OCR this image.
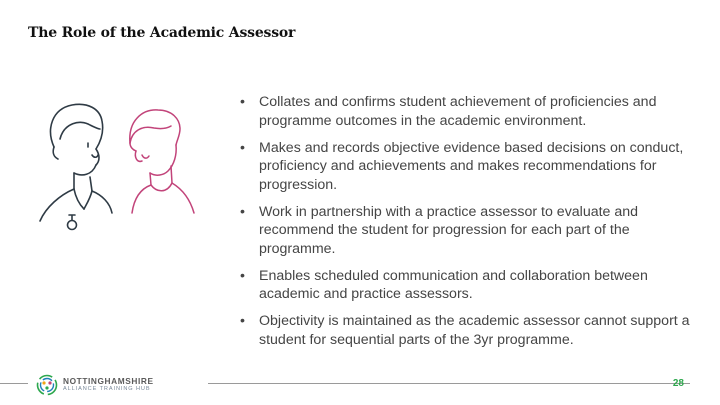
The Role of the Academic Assessor
• Collates and confirms student achievement of proficiencies and programme outcomes in the academic environment.
• Makes and records objective evidence based decisions on conduct, proficiency and achievements and makes recommendations for progression.
• Work in partnership with a practice assessor to evaluate and recommend the student for progression for each part of the programme.
• Enables scheduled communication and collaboration between academic and practice assessors.
• Objectivity is maintained as the academic assessor cannot support a student for sequential parts of the 3yr programme.
NOTTINGHAMSHIRE
ALLIANCE TRAINING HUB
28
